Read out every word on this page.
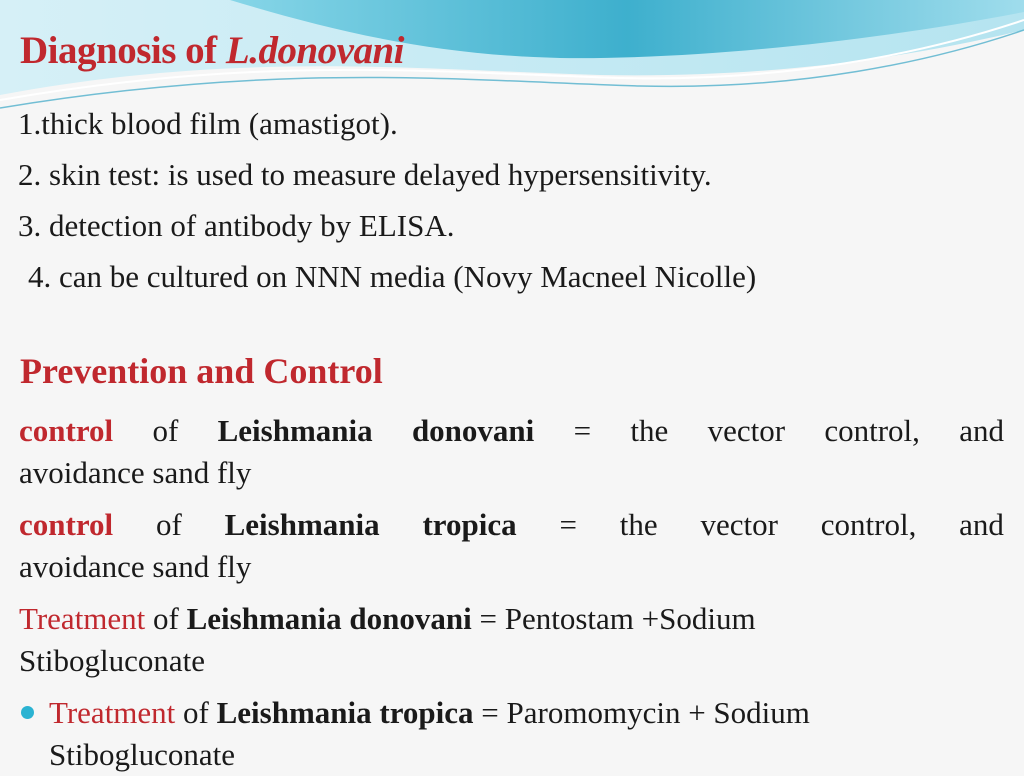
Diagnosis of L.donovani
1.thick blood film (amastigot).
2. skin test: is used to measure delayed hypersensitivity.
3. detection of antibody by ELISA.
4. can be cultured on NNN media (Novy Macneel Nicolle)
Prevention and Control
control of Leishmania donovani = the vector control, and
avoidance sand fly
control of Leishmania tropica = the vector control, and
avoidance sand fly
Treatment of Leishmania donovani = Pentostam +Sodium
Stibogluconate
Treatment of Leishmania tropica = Paromomycin + Sodium
Stibogluconate
